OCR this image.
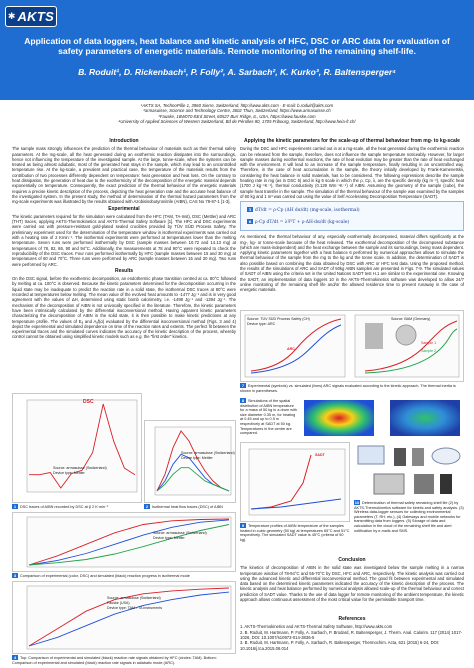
✱ AKTS
Application of data loggers, heat balance and kinetic analysis of HFC, DSC or ARC data for evaluation of safety parameters of energetic materials. Remote monitoring of the remaining shelf-life.
B. Roduit¹, D. Rickenbach¹, P. Folly², A. Sarbach², K. Kurko³, R. Baltensperger⁴
¹AKTS SA, TechnoPôle 1, 3960 Sierre, Switzerland, http://www.akts.com · E-mail: b.roduit@akts.com
²armasuisse, Science and Technology Centre, 3602 Thun, Switzerland, https://www.armasuisse.ch
³Fauske, 16W070 83rd Street, 60527 Burr Ridge, IL, USA, https://www.fauske.com
⁴University of Applied Sciences of Western Switzerland, Bd de Pérolles 80, 1705 Fribourg, Switzerland, http://www.heia-fr.ch/
Introduction
The sample mass strongly influences the prediction of the thermal behaviour of materials such as their thermal safety parameters. At the mg-scale, all the heat generated during an exothermic reaction dissipates into the surroundings, hence not influencing the temperature of the investigated sample. At the large, tonne-scale, when the systems can be treated as being almost adiabatic, most of the generated heat stays in the sample, which may lead to an uncontrolled temperature rise. At the kg-scale, a prevalent and practical case, the temperature of the materials results from the contribution of two processes differently dependent on temperature: heat generation and heat loss. On the contrary to heat dissipation, the generation of heat due to the exothermicity of the decomposition of the energetic material depends exponentially on temperature. Consequently, the exact prediction of the thermal behaviour of the energetic materials requires a precise kinetic description of the process, depicting the heat generation rate and the accurate heat balance of the investigated system. In the present study, the method of determination of the thermal hazard parameters from the mg-scale experiments was illustrated by the results obtained with Azobisisobutyronitrile (AIBN), CAS No 78-67-1 [1-3].
Experimental
The kinetic parameters required for the simulation were calculated from the HFC (TAM, TA-Inst), DSC (Mettler) and ARC (THT) traces, applying AKTS-Thermokinetics and AKTS-Thermal Safety Software [1]. The HFC and DSC experiments were carried out with pressure-resistant gold-plated sealed crucibles provided by TÜV SÜD Process Safety. The preliminary experiment used for the determination of the temperature window in isothermal experiments was carried out with a heating rate of 2 Kmin⁻¹. The isothermal experiments were performed at temperatures lower than the melting temperature. Seven runs were performed isothermally by DSC (sample masses between 10.72 and 14.13 mg) at temperatures of 78, 82, 86, 90 and 94°C. Additionally, the measurements at 78 and 90°C were repeated to check the reproducibility of the DSC traces. Four runs performed isothermally by HFC (sample masses between 15 and 30 mg) at temperatures of 60 and 70°C. Three runs were performed by ARC (sample masses between 15 and 30 mg). Two runs were performed by ARC.
Results
On the DSC signal, before the exothermic decomposition, an endothermic phase transition centred at ca. 80°C followed by melting at ca. 100°C is observed. Because the kinetic parameters determined for the decomposition occurring in the liquid state may be inadequate to predict the reaction rate in a solid state, the isothermal DSC traces at 80°C were recorded at temperatures below melting. The mean value of the evolved heat amounts to -1477 Jg⁻¹ and is in very good agreement with the values of ΔH, determined using static bomb calorimetry, i.e. -1498 Jg⁻¹ and -1394 Jg⁻¹. The mechanism of the decomposition of AIBN is not univocally specified in the literature. Therefore, the kinetic parameters have been intrinsically calculated by the differential isoconversional method. Having apparent kinetic parameters characterizing the decomposition of AIBN in the solid state, it is then possible to make kinetic predictions at any temperature profile. The values of Eₐ and Aₐf(α) evaluated by the differential isoconversional method (Figs. 3 and 4) depict the experimental and simulated dependence on time of the reaction rates and extents. The perfect fit between the experimental traces and the simulated curves indicates the accuracy of the kinetic description of the process, whereby control cannot be obtained using simplified kinetic models such as e.g. the "first order" kinetics.
DSC
Source: armasuisse (Switzerland)
Device type: Mettler
1 DSC traces of AIBN recorded by DSC at β 2 K·min⁻¹
Source: armasuisse (Switzerland)
Device type: Mettler
2 Isothermal heat flow traces (DSC) of AIBN
Source: armasuisse (Switzerland)
Device type: Mettler
3 Comparison of experimental (color, DSC) and simulated (black) reaction progress in isothermal mode
Source: armasuisse (Switzerland)
Fauske (USA)
Device type: TAM - TA Instruments
4 Top: Comparison of experimental and simulated (black) reaction rate signals obtained by HFC (circles: TAM). Bottom: Comparison of experimental and simulated (black) reaction rate signals in adiabatic mode (ARC).
Applying the kinetic parameters for the scale-up of thermal behaviour from mg- to kg-scale
During the DSC and HFC experiments carried out in at a mg-scale, all the heat generated during the exothermic reaction can be released from the sample, therefore, does not influence the sample temperature noticeably. However, for larger sample masses during exothermal reactions, the rate of heat evolution may be greater than the rate of heat exchanged with the environment. It will lead to an increase of the sample temperature, finally resulting in an uncontrolled way. Therefore, in the case of heat accumulation in the sample, the theory initially developed by Frank-Kamenetskii, considering the heat balance in solid materials, has to be considered. The following expressions describe the sample heating rate in mg (as in DSC 5) and in kg 6 scale in which the ρ, Cp, λ, are the specific density (kg m⁻³), specific heat (1700 J kg⁻¹K⁻¹), thermal conductivity (0.129 Wm⁻¹K⁻¹) of AIBN. Assuming the geometry of the sample (cube), the sample heat transfer in the sample. The simulation of the thermal behaviour of the sample was examined by the samples of 50 kg and 1 m³ was carried out using the value of Self Accelerating Decomposition Temperature (SADT).
5 dT/dt = ρ·Cp (ΔH dα/dt) (mg-scale, isothermal)
6 ρ·Cp dT/dt = λ∇²T + ρ·ΔH·dα/dt (kg-scale)
As mentioned, the thermal behaviour of any, especially exothermally decomposed, material differs significantly at the mg-, kg- or tonne-scale because of the heat released. The exothermal decomposition of the decomposed substance (which are mass-independent) and the heat exchange between the sample and its surroundings, being mass dependent. Applying kinetic parameters together with a heat balance 6 performed by numerical approaches allows to simulate the thermal behaviour of the sample from the mg to the kg and the tonne scale. In addition, the determination of SADT is also possible based on combining the data obtained by DSC with ARC or HFC test data. Using the proposed method, the results of the simulations of ARC and SADT of 50kg AIBN samples are presented in Figs. 7-9. The simulated values of SADT of AIBN using the criteria set in the United Nations SADT test H.1 are similar to the experimental one. Knowing the SADT, an implementation of data loggers 10 in the AKTS-Thermokinetics software was developed to allow 24/7 online monitoring of the remaining shelf life and/or the allowed residence time to prevent runaway in the case of energetic materials.
Source: TÜV SÜD Process Safety (CH)
Device type: ARC
ARC
Source: BAM (Germany)
Sample 1
Sample 2
7 Experimental (symbols) vs. simulated (lines) ARC signals evaluated according to the kinetic approach. The thermal inertia is shown in parentheses.
8 Simulations of the spatial distribution of AIBN temperature for a mass of 50 kg in a drum with size diameter 0.35 m, for heating at 0.45 and up to 0.5 m respectively at SADT at 50 kg. Temperatures in the centre are compared.
SADT
9 Temperature profiles of AIBN temperature of the samples heated in cubic geometry (50 kg) at temperatures 65°C and 51°C respectively. The simulated SADT value is 45°C (criteria of 50 kg).
10 Determination of thermal safety remaining shelf life (2) by AKTS-Thermokinetics software for kinetic and safety analysis. (3) Wireless data-logger sensors for collecting environmental parameters (T, RH, etc.), (4) Gateways and mobile networks for transmitting data from loggers. (5) Storage of data and calculation in the cloud of the remaining shelf life and alert notification by e-mails and SMS.
Conclusion
The kinetics of decomposition of AIBN in the solid state was investigated below the sample melting in a narrow temperature window of 78-94°C and 55-70°C by DSC, HFC and ARC, respectively. The kinetic analysis was carried out using the advanced kinetic and differential isoconversional method. The good fit between experimental and simulated data based on the determined kinetic parameters indicated the accuracy of the kinetic description of the process. The kinetic analysis and heat balance performed by numerical analysis allowed scale-up of the thermal behaviour and correct prediction of SADT value. Thanks to the use of data logger for remote monitoring of the ambient temperature, the kinetic approach allows continuous assessment of the most critical value for the permissible transport time.
References
1. AKTS-Thermokinetics and AKTS-Thermal Safety Software, http://www.akts.com
2. B. Roduit, M. Hartmann, P. Folly, A. Sarbach, P. Brodard, R. Baltensperger, J. Therm. Anal. Calorim. 117 (2014) 1017-1026, DOI: 10.1007/s10973-014-3836-5
3. B. Roduit, M. Hartmann, P. Folly, A. Sarbach, R. Baltensperger, Thermochim. Acta, 621 (2015) 6-24, DOI: 10.1016/j.tca.2015.06.014
